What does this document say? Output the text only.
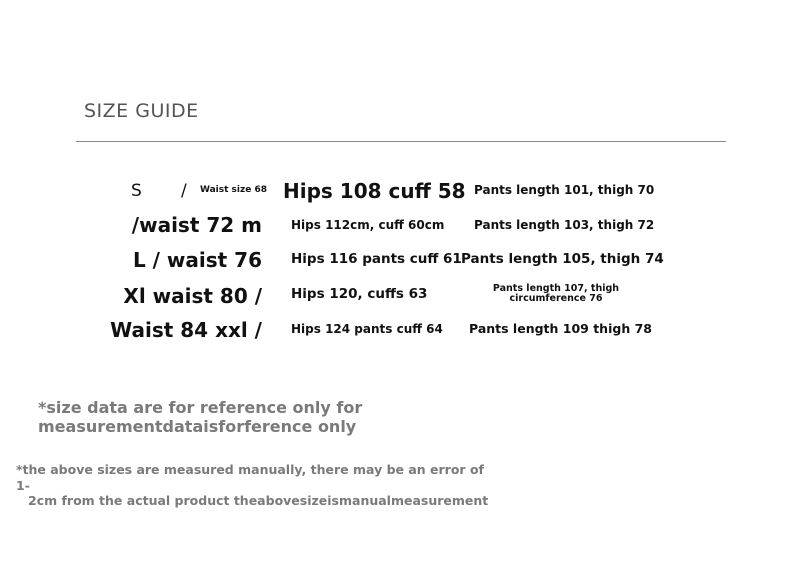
SIZE GUIDE
S / Waist size 68 Hips 108 cuff 58 Pants length 101, thigh 70
/waist 72 m Hips 112cm, cuff 60cm Pants length 103, thigh 72
L / waist 76 Hips 116 pants cuff 61 Pants length 105, thigh 74
Xl waist 80 / Hips 120, cuffs 63	Pants length 107, thigh
circumference 76
Waist 84 xxl / Hips 124 pants cuff 64 Pants length 109 thigh 78
*size data are for reference only for
measurementdataisforference only
*the above sizes are measured manually, there may be an error of 1-
2cm from the actual product theabovesizeismanualmeasurement
